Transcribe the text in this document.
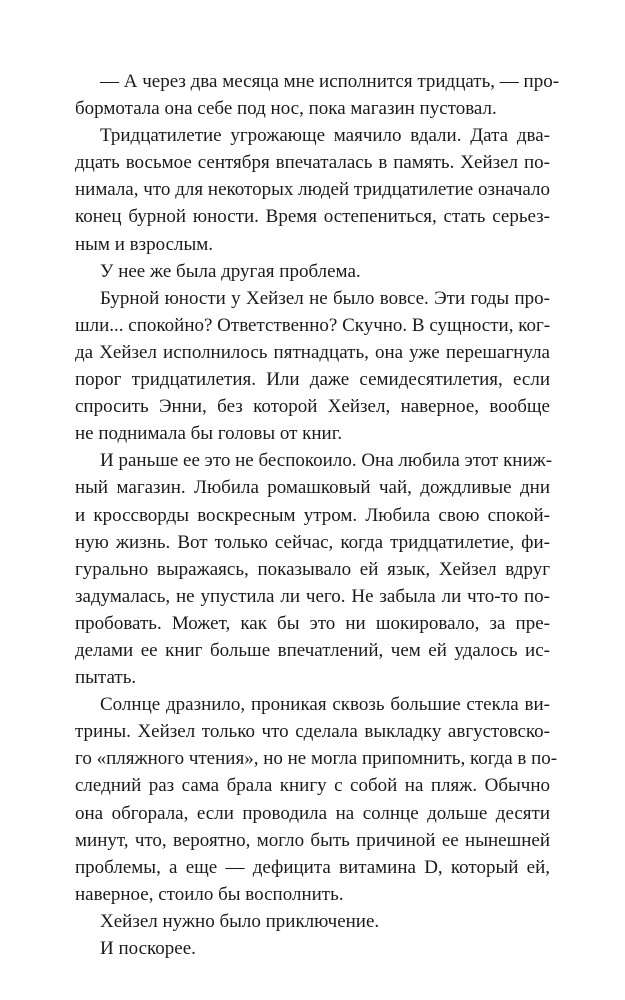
— А через два месяца мне исполнится тридцать, — про-
бормотала она себе под нос, пока магазин пустовал.

Тридцатилетие угрожающе маячило вдали. Дата два-
дцать восьмое сентября впечаталась в память. Хейзел по-
нимала, что для некоторых людей тридцатилетие означало
конец бурной юности. Время остепениться, стать серьез-
ным и взрослым.

У нее же была другая проблема.

Бурной юности у Хейзел не было вовсе. Эти годы про-
шли... спокойно? Ответственно? Скучно. В сущности, ког-
да Хейзел исполнилось пятнадцать, она уже перешагнула
порог тридцатилетия. Или даже семидесятилетия, если
спросить Энни, без которой Хейзел, наверное, вообще
не поднимала бы головы от книг.

И раньше ее это не беспокоило. Она любила этот книж-
ный магазин. Любила ромашковый чай, дождливые дни
и кроссворды воскресным утром. Любила свою спокой-
ную жизнь. Вот только сейчас, когда тридцатилетие, фи-
гурально выражаясь, показывало ей язык, Хейзел вдруг
задумалась, не упустила ли чего. Не забыла ли что-то по-
пробовать. Может, как бы это ни шокировало, за пре-
делами ее книг больше впечатлений, чем ей удалось ис-
пытать.

Солнце дразнило, проникая сквозь большие стекла ви-
трины. Хейзел только что сделала выкладку августовско-
го «пляжного чтения», но не могла припомнить, когда в по-
следний раз сама брала книгу с собой на пляж. Обычно
она обгорала, если проводила на солнце дольше десяти
минут, что, вероятно, могло быть причиной ее нынешней
проблемы, а еще — дефицита витамина D, который ей,
наверное, стоило бы восполнить.

Хейзел нужно было приключение.

И поскорее.
